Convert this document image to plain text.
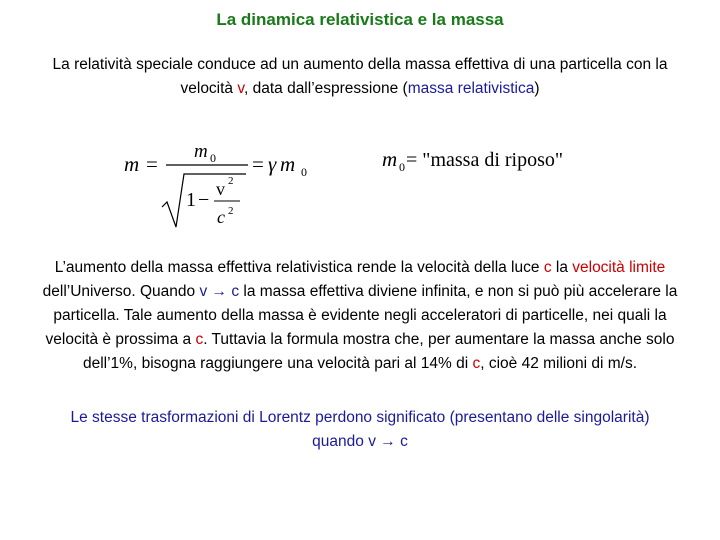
La dinamica relativistica e la massa
La relatività speciale conduce ad un aumento della massa effettiva di una particella con la velocità v, data dall’espressione (massa relativistica)
m =
m 0
1 − v 2
c 2
= γ m 0
m 0 = "massa di riposo"
L’aumento della massa effettiva relativistica rende la velocità della luce c la velocità limite dell’Universo. Quando v → c la massa effettiva diviene infinita, e non si può più accelerare la particella. Tale aumento della massa è evidente negli acceleratori di particelle, nei quali la velocità è prossima a c. Tuttavia la formula mostra che, per aumentare la massa anche solo dell’1%, bisogna raggiungere una velocità pari al 14% di c, cioè 42 milioni di m/s.
Le stesse trasformazioni di Lorentz perdono significato (presentano delle singolarità) quando v → c
